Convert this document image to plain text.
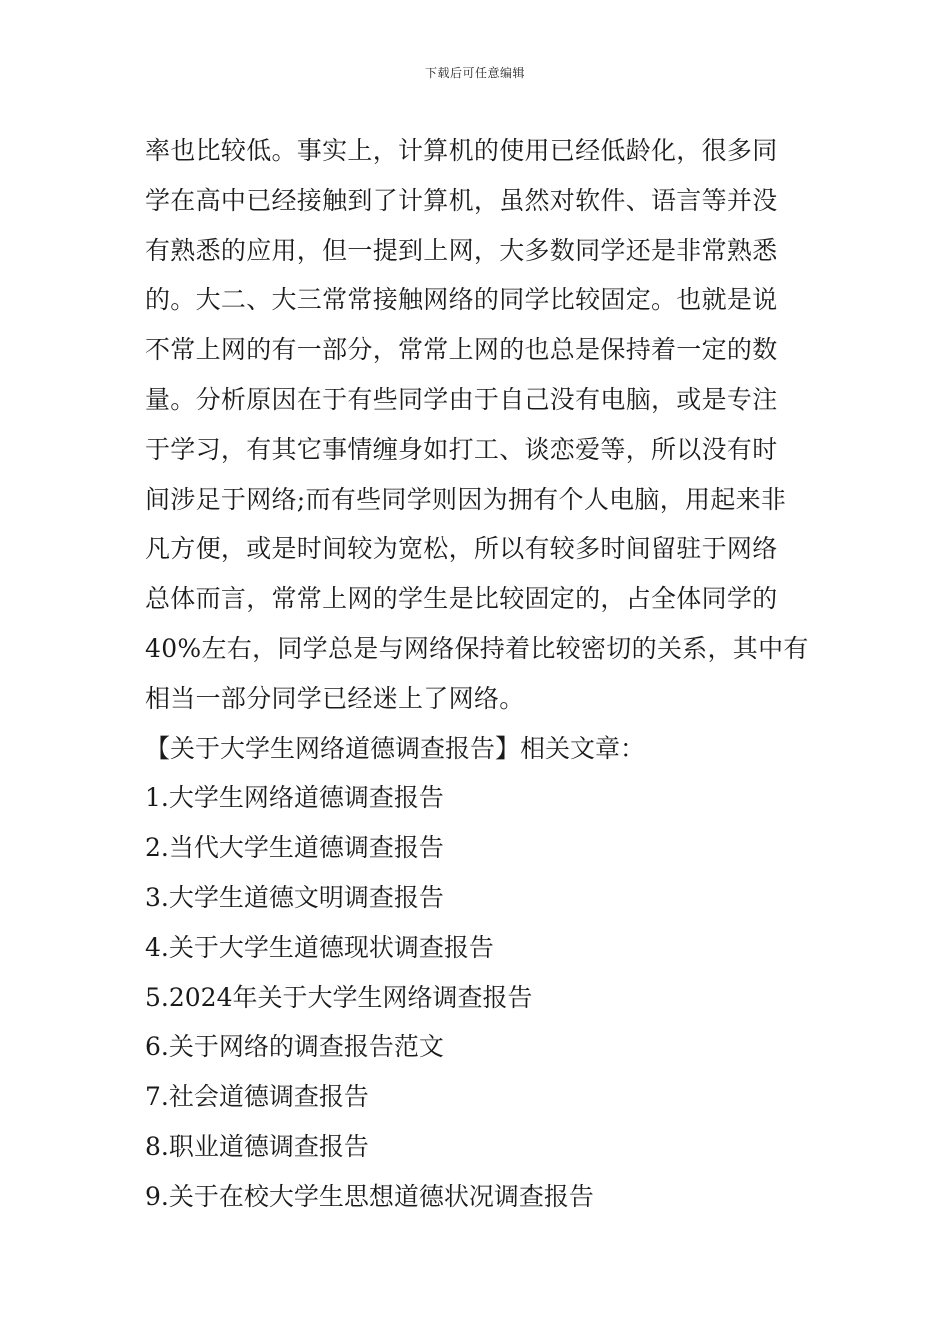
下载后可任意编辑

率也比较低。事实上，计算机的使用已经低龄化，很多同
学在高中已经接触到了计算机，虽然对软件、语言等并没
有熟悉的应用，但一提到上网，大多数同学还是非常熟悉
的。大二、大三常常接触网络的同学比较固定。也就是说
不常上网的有一部分，常常上网的也总是保持着一定的数
量。分析原因在于有些同学由于自己没有电脑，或是专注
于学习，有其它事情缠身如打工、谈恋爱等，所以没有时
间涉足于网络;而有些同学则因为拥有个人电脑，用起来非
凡方便，或是时间较为宽松，所以有较多时间留驻于网络
总体而言，常常上网的学生是比较固定的，占全体同学的
40%左右，同学总是与网络保持着比较密切的关系，其中有
相当一部分同学已经迷上了网络。

【关于大学生网络道德调查报告】相关文章：

1.大学生网络道德调查报告
2.当代大学生道德调查报告
3.大学生道德文明调查报告
4.关于大学生道德现状调查报告
5.2024年关于大学生网络调查报告
6.关于网络的调查报告范文
7.社会道德调查报告
8.职业道德调查报告
9.关于在校大学生思想道德状况调查报告
